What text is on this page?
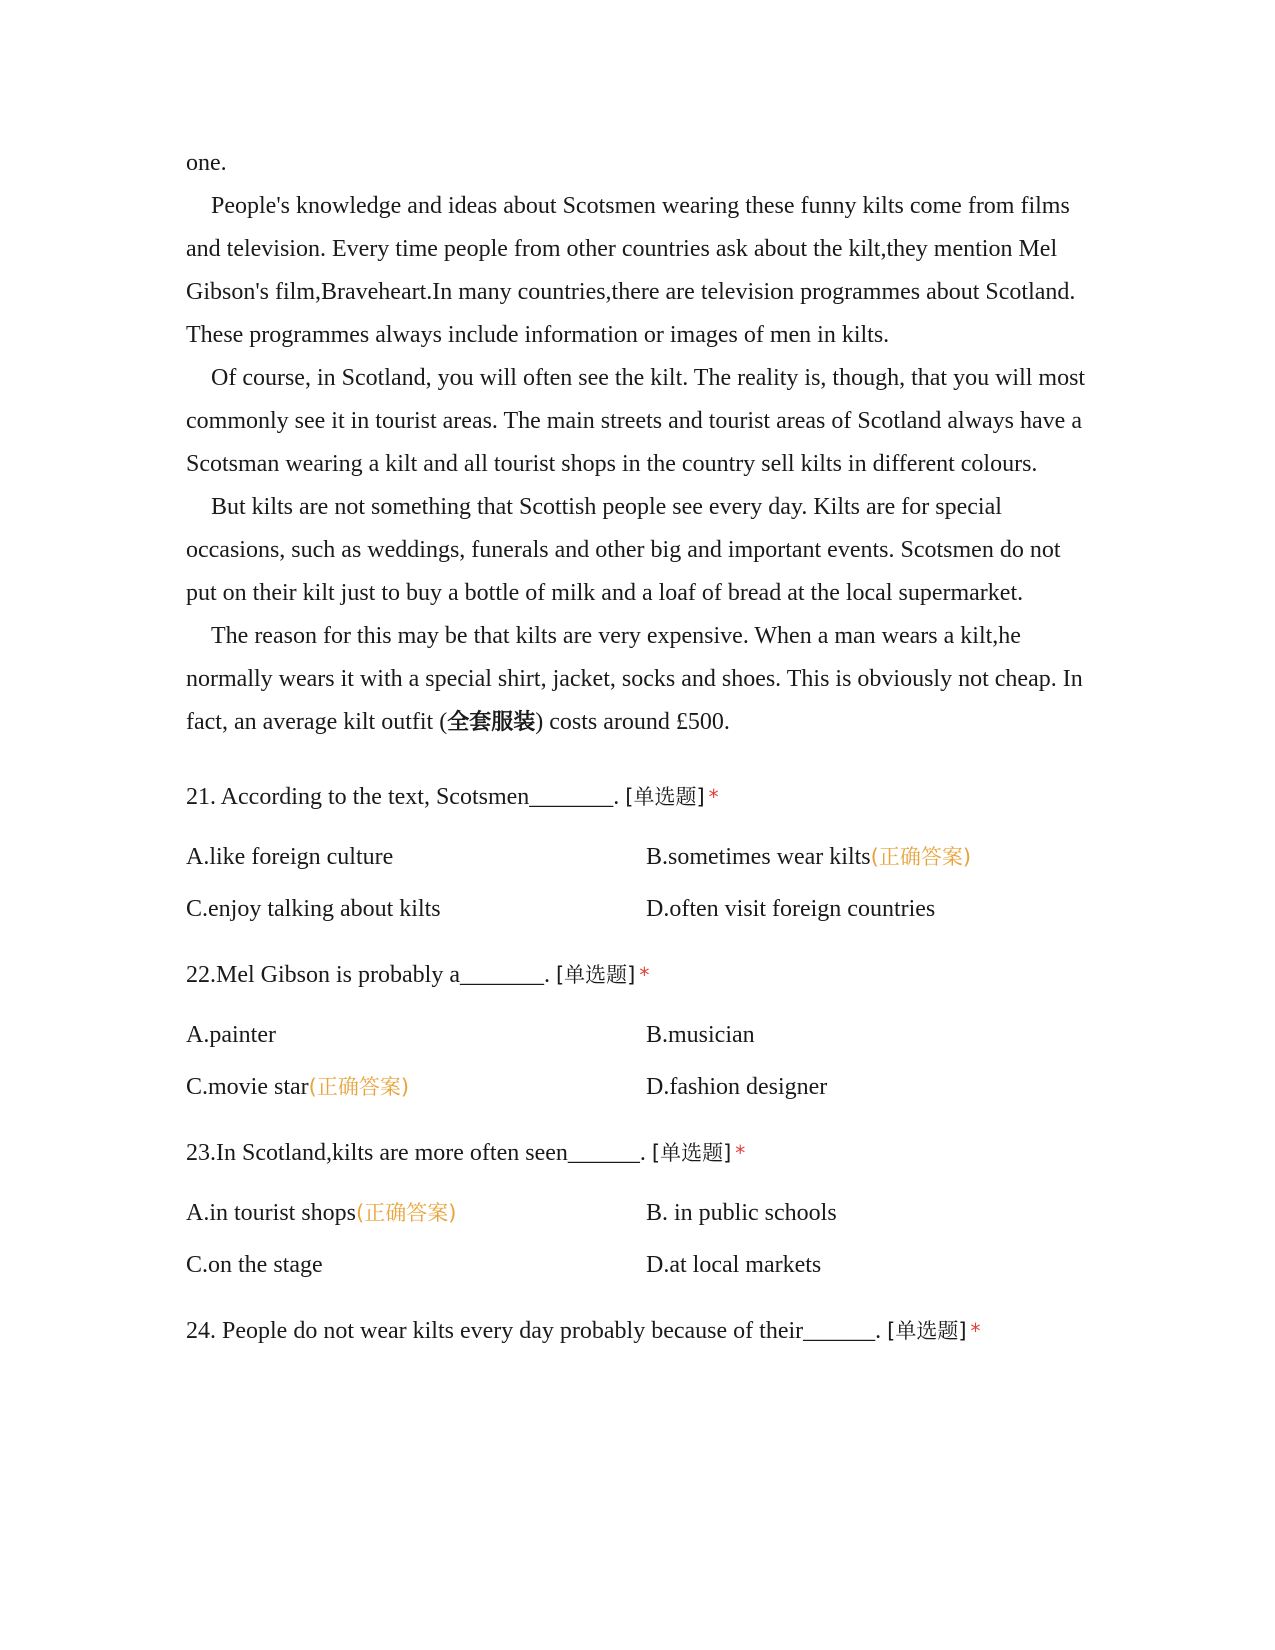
one.

People's knowledge and ideas about Scotsmen wearing these funny kilts come from films and television. Every time people from other countries ask about the kilt,they mention Mel Gibson's film,Braveheart.In many countries,there are television programmes about Scotland. These programmes always include information or images of men in kilts.

Of course, in Scotland, you will often see the kilt. The reality is, though, that you will most commonly see it in tourist areas. The main streets and tourist areas of Scotland always have a Scotsman wearing a kilt and all tourist shops in the country sell kilts in different colours.

But kilts are not something that Scottish people see every day. Kilts are for special occasions, such as weddings, funerals and other big and important events. Scotsmen do not put on their kilt just to buy a bottle of milk and a loaf of bread at the local supermarket.

The reason for this may be that kilts are very expensive. When a man wears a kilt,he normally wears it with a special shirt, jacket, socks and shoes. This is obviously not cheap. In fact, an average kilt outfit (全套服装) costs around £500.

21. According to the text, Scotsmen_______. [单选题] *

A.like foreign culture	B.sometimes wear kilts(正确答案)
C.enjoy talking about kilts	D.often visit foreign countries

22.Mel Gibson is probably a_______. [单选题] *

A.painter	B.musician
C.movie star(正确答案)	D.fashion designer

23.In Scotland,kilts are more often seen______. [单选题] *

A.in tourist shops(正确答案)	B. in public schools
C.on the stage	D.at local markets

24. People do not wear kilts every day probably because of their______. [单选题] *
